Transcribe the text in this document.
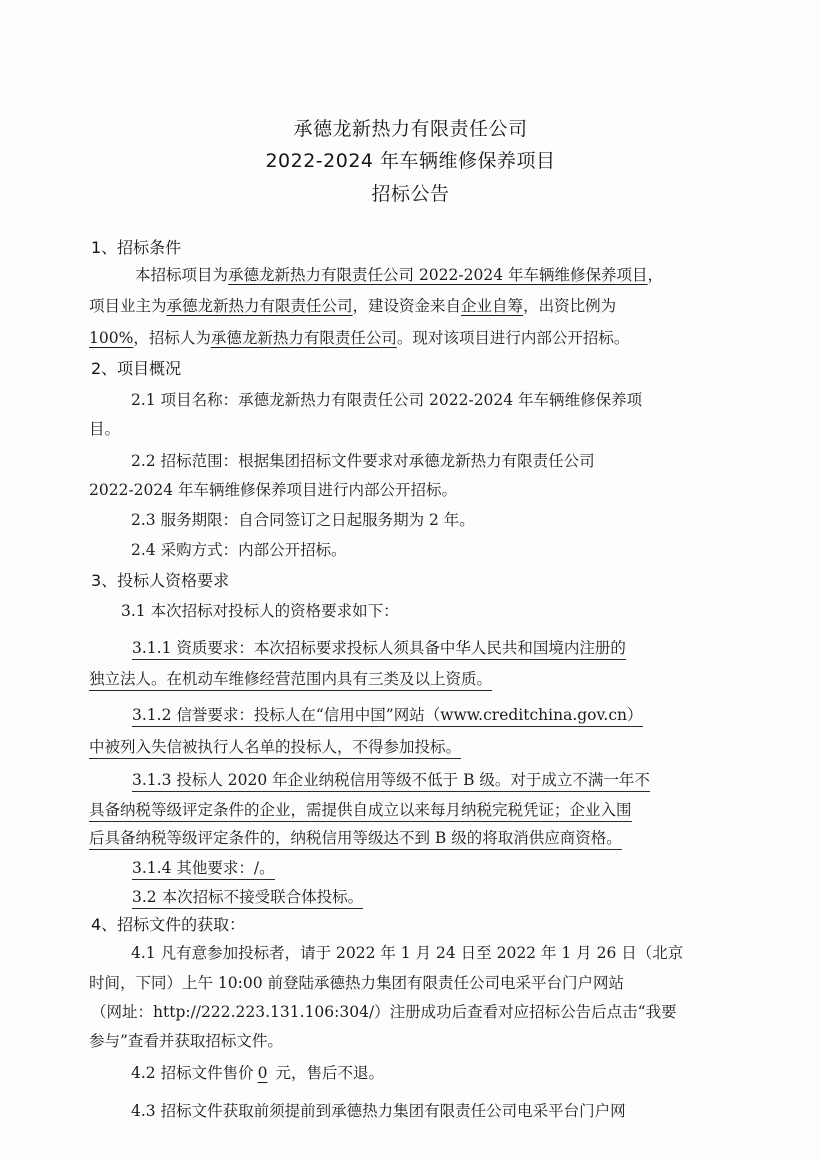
承德龙新热力有限责任公司
2022-2024 年车辆维修保养项目
招标公告
1、招标条件
本招标项目为承德龙新热力有限责任公司 2022-2024 年车辆维修保养项目，
项目业主为承德龙新热力有限责任公司，建设资金来自企业自筹，出资比例为
100%，招标人为承德龙新热力有限责任公司。现对该项目进行内部公开招标。
2、项目概况
2.1 项目名称：承德龙新热力有限责任公司 2022-2024 年车辆维修保养项
目。
2.2 招标范围：根据集团招标文件要求对承德龙新热力有限责任公司
2022-2024 年车辆维修保养项目进行内部公开招标。
2.3 服务期限：自合同签订之日起服务期为 2 年。
2.4 采购方式：内部公开招标。
3、投标人资格要求
3.1 本次招标对投标人的资格要求如下：
3.1.1 资质要求：本次招标要求投标人须具备中华人民共和国境内注册的
独立法人。在机动车维修经营范围内具有三类及以上资质。
3.1.2 信誉要求：投标人在“信用中国”网站（www.creditchina.gov.cn）
中被列入失信被执行人名单的投标人，不得参加投标。
3.1.3 投标人 2020 年企业纳税信用等级不低于 B 级。对于成立不满一年不
具备纳税等级评定条件的企业，需提供自成立以来每月纳税完税凭证；企业入围
后具备纳税等级评定条件的，纳税信用等级达不到 B 级的将取消供应商资格。
3.1.4 其他要求：/。
3.2 本次招标不接受联合体投标。
4、招标文件的获取：
4.1 凡有意参加投标者，请于 2022 年 1 月 24 日至 2022 年 1 月 26 日（北京
时间，下同）上午 10:00 前登陆承德热力集团有限责任公司电采平台门户网站
（网址：http://222.223.131.106:304/）注册成功后查看对应招标公告后点击“我要
参与”查看并获取招标文件。
4.2 招标文件售价 0 元，售后不退。
4.3 招标文件获取前须提前到承德热力集团有限责任公司电采平台门户网
